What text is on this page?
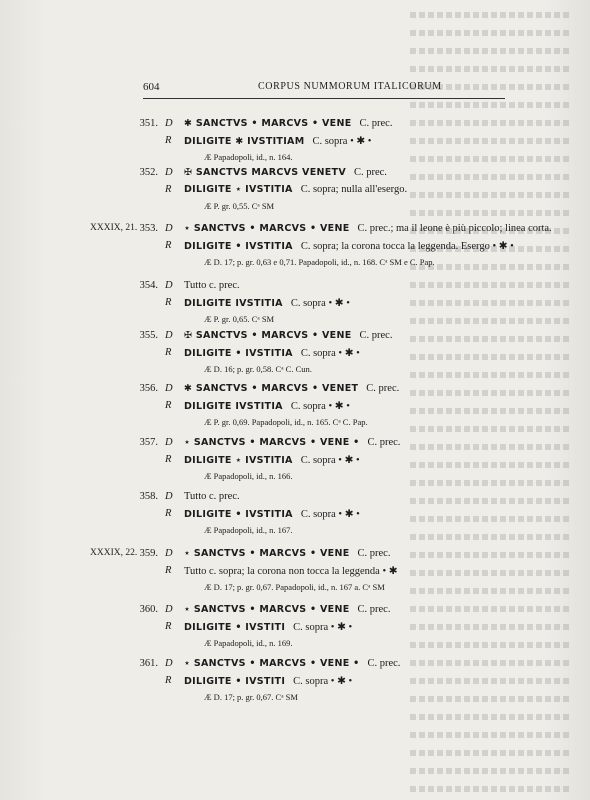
604	CORPUS NUMMORUM ITALICORUM
351. D
R
✱ SANCTVS • MARCVS • VENE C. prec.
DILIGITE ✱ IVSTITIAM C. sopra • ✱ •
Æ Papadopoli, id., n. 164.
352. D
R
✠ SANCTVS MARCVS VENETV C. prec.
DILIGITE ⋆ IVSTITIA C. sopra; nulla all'esergo.
Æ P. gr. 0,55. Cᵃ SM
XXXIX, 21. 353. D
R
⋆ SANCTVS • MARCVS • VENE C. prec.; ma il leone è più piccolo; linea corta.
DILIGITE • IVSTITIA C. sopra; la corona tocca la leggenda. Esergo • ✱ •
Æ D. 17; p. gr. 0,63 e 0,71. Papadopoli, id., n. 168. Cᵃ SM e C. Pap.
354. D
R
Tutto c. prec.
DILIGITE IVSTITIA C. sopra • ✱ •
Æ P. gr. 0,65. Cᵃ SM
355. D
R
✠ SANCTVS • MARCVS • VENE C. prec.
DILIGITE • IVSTITIA C. sopra • ✱ •
Æ D. 16; p. gr. 0,58. Cᵃ C. Cun.
356. D
R
✱ SANCTVS • MARCVS • VENET C. prec.
DILIGITE IVSTITIA C. sopra • ✱ •
Æ P. gr. 0,69. Papadopoli, id., n. 165. Cᵃ C. Pap.
357. D
R
⋆ SANCTVS • MARCVS • VENE • C. prec.
DILIGITE ⋆ IVSTITIA C. sopra • ✱ •
Æ Papadopoli, id., n. 166.
358. D
R
Tutto c. prec.
DILIGITE • IVSTITIA C. sopra • ✱ •
Æ Papadopoli, id., n. 167.
XXXIX, 22. 359. D
R
⋆ SANCTVS • MARCVS • VENE C. prec.
Tutto c. sopra; la corona non tocca la leggenda • ✱
Æ D. 17; p. gr. 0,67. Papadopoli, id., n. 167 a. Cᵃ SM
360. D
R
⋆ SANCTVS • MARCVS • VENE C. prec.
DILIGITE • IVSTITI C. sopra • ✱ •
Æ Papadopoli, id., n. 169.
361. D
R
⋆ SANCTVS • MARCVS • VENE • C. prec.
DILIGITE • IVSTITI C. sopra • ✱ •
Æ D. 17; p. gr. 0,67. Cᵃ SM
